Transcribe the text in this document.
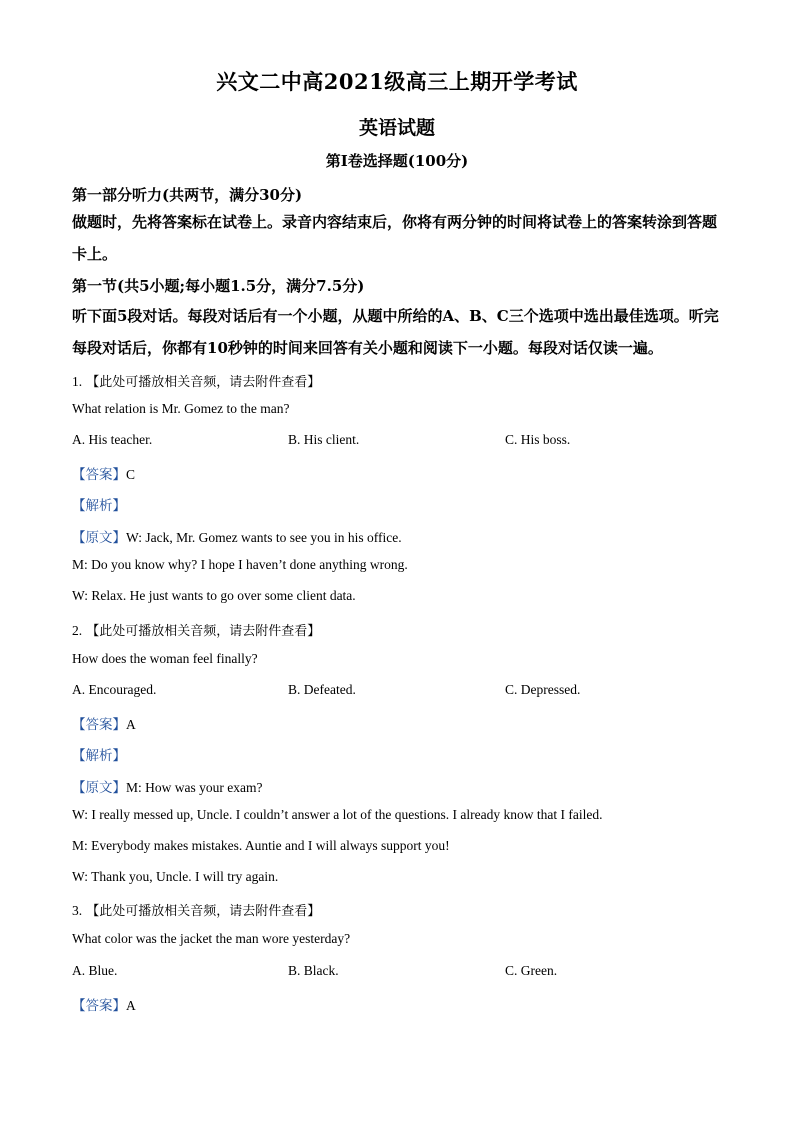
兴文二中高2021级高三上期开学考试
英语试题
第I卷选择题(100分)
第一部分听力(共两节，满分30分)
做题时，先将答案标在试卷上。录音内容结束后，你将有两分钟的时间将试卷上的答案转涂到答题卡上。
第一节(共5小题;每小题1.5分，满分7.5分)
听下面5段对话。每段对话后有一个小题，从题中所给的A、B、C三个选项中选出最佳选项。听完每段对话后，你都有10秒钟的时间来回答有关小题和阅读下一小题。每段对话仅读一遍。
1. 【此处可播放相关音频，请去附件查看】
What relation is Mr. Gomez to the man?
A. His teacher.	B. His client.	C. His boss.
【答案】C
【解析】
【原文】W: Jack, Mr. Gomez wants to see you in his office.
M: Do you know why? I hope I haven’t done anything wrong.
W: Relax. He just wants to go over some client data.
2. 【此处可播放相关音频，请去附件查看】
How does the woman feel finally?
A. Encouraged.	B. Defeated.	C. Depressed.
【答案】A
【解析】
【原文】M: How was your exam?
W: I really messed up, Uncle. I couldn’t answer a lot of the questions. I already know that I failed.
M: Everybody makes mistakes. Auntie and I will always support you!
W: Thank you, Uncle. I will try again.
3. 【此处可播放相关音频，请去附件查看】
What color was the jacket the man wore yesterday?
A. Blue.	B. Black.	C. Green.
【答案】A
